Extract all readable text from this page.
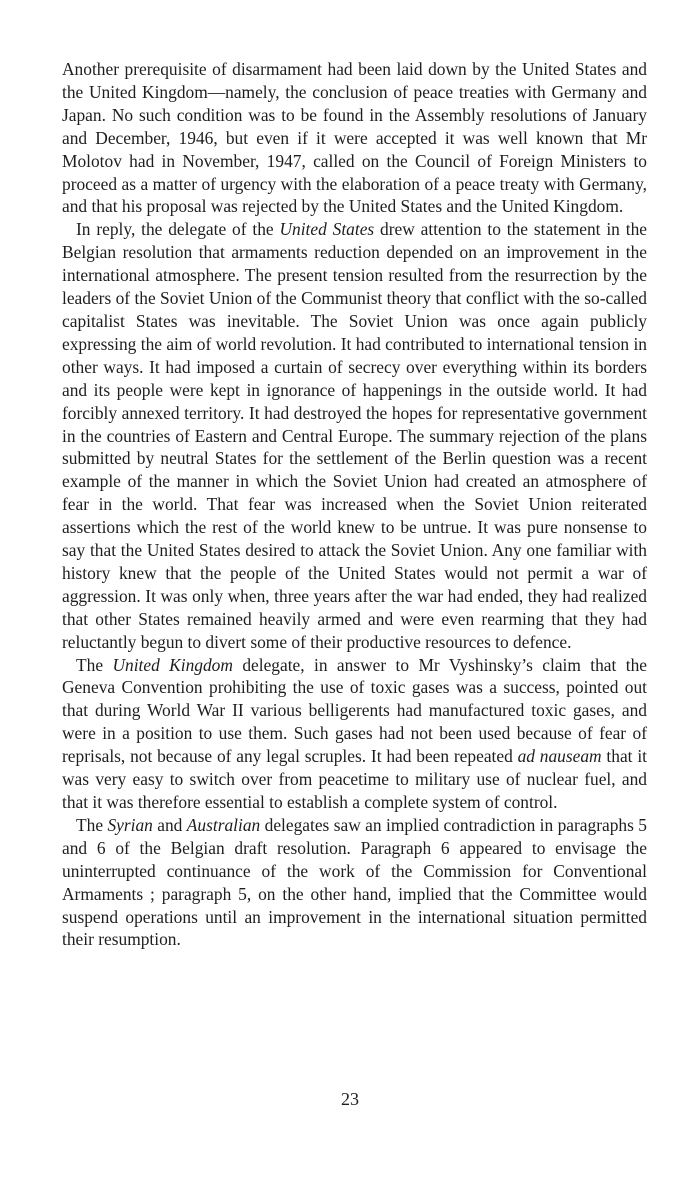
Another prerequisite of disarmament had been laid down by the United States and the United Kingdom—namely, the conclusion of peace treaties with Germany and Japan. No such condition was to be found in the Assembly resolutions of January and December, 1946, but even if it were accepted it was well known that Mr Molotov had in November, 1947, called on the Council of Foreign Ministers to proceed as a matter of urgency with the elaboration of a peace treaty with Germany, and that his proposal was rejected by the United States and the United Kingdom.

In reply, the delegate of the United States drew attention to the statement in the Belgian resolution that armaments reduction depended on an improvement in the international atmosphere. The present tension resulted from the resurrection by the leaders of the Soviet Union of the Communist theory that conflict with the so-called capitalist States was inevitable. The Soviet Union was once again publicly expressing the aim of world revolution. It had contributed to international tension in other ways. It had imposed a curtain of secrecy over everything within its borders and its people were kept in ignorance of happenings in the outside world. It had forcibly annexed territory. It had destroyed the hopes for representative government in the countries of Eastern and Central Europe. The summary rejection of the plans submitted by neutral States for the settlement of the Berlin question was a recent example of the manner in which the Soviet Union had created an atmosphere of fear in the world. That fear was increased when the Soviet Union reiterated assertions which the rest of the world knew to be untrue. It was pure nonsense to say that the United States desired to attack the Soviet Union. Any one familiar with history knew that the people of the United States would not permit a war of aggression. It was only when, three years after the war had ended, they had realized that other States remained heavily armed and were even rearming that they had reluctantly begun to divert some of their productive resources to defence.

The United Kingdom delegate, in answer to Mr Vyshinsky’s claim that the Geneva Convention prohibiting the use of toxic gases was a success, pointed out that during World War II various belligerents had manufactured toxic gases, and were in a position to use them. Such gases had not been used because of fear of reprisals, not because of any legal scruples. It had been repeated ad nauseam that it was very easy to switch over from peacetime to military use of nuclear fuel, and that it was therefore essential to establish a complete system of control.

The Syrian and Australian delegates saw an implied contradiction in paragraphs 5 and 6 of the Belgian draft resolution. Paragraph 6 appeared to envisage the uninterrupted continuance of the work of the Commission for Conventional Armaments ; paragraph 5, on the other hand, implied that the Committee would suspend operations until an improvement in the international situation permitted their resumption.

23
